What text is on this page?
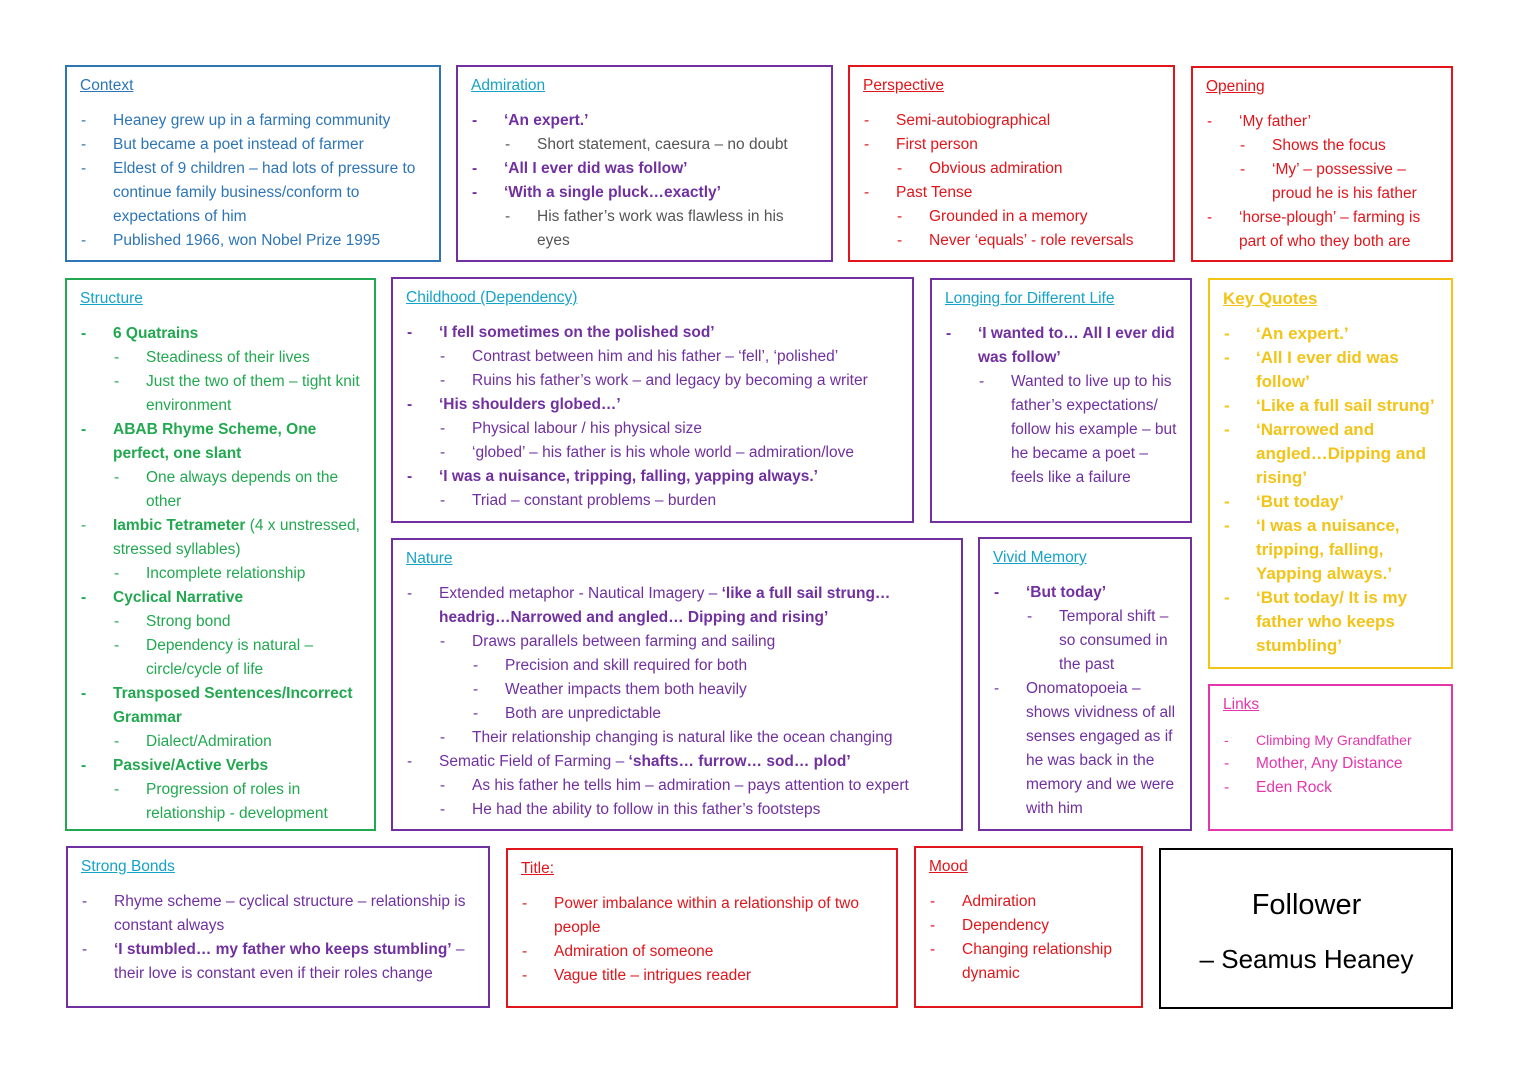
Context
- Heaney grew up in a farming community
- But became a poet instead of farmer
- Eldest of 9 children – had lots of pressure to continue family business/conform to expectations of him
- Published 1966, won Nobel Prize 1995
Admiration
- ‘An expert.’
- Short statement, caesura – no doubt
- ‘All I ever did was follow’
- ‘With a single pluck…exactly’
- His father’s work was flawless in his eyes
Perspective
- Semi-autobiographical
- First person
- Obvious admiration
- Past Tense
- Grounded in a memory
- Never ‘equals’ - role reversals
Opening
- ‘My father’
- Shows the focus
- ‘My’ – possessive – proud he is his father
- ‘horse-plough’ – farming is part of who they both are
Structure
- 6 Quatrains
- Steadiness of their lives
- Just the two of them – tight knit environment
- ABAB Rhyme Scheme, One perfect, one slant
- One always depends on the other
- Iambic Tetrameter (4 x unstressed, stressed syllables)
- Incomplete relationship
- Cyclical Narrative
- Strong bond
- Dependency is natural – circle/cycle of life
- Transposed Sentences/Incorrect Grammar
- Dialect/Admiration
- Passive/Active Verbs
- Progression of roles in relationship - development
Childhood (Dependency)
- ‘I fell sometimes on the polished sod’
- Contrast between him and his father – ‘fell’, ‘polished’
- Ruins his father’s work – and legacy by becoming a writer
- ‘His shoulders globed…’
- Physical labour / his physical size
- ‘globed’ – his father is his whole world – admiration/love
- ‘I was a nuisance, tripping, falling, yapping always.’
- Triad – constant problems – burden
Longing for Different Life
- ‘I wanted to… All I ever did was follow’
- Wanted to live up to his father’s expectations/ follow his example – but he became a poet – feels like a failure
Key Quotes
- ‘An expert.’
- ‘All I ever did was follow’
- ‘Like a full sail strung’
- ‘Narrowed and angled…Dipping and rising’
- ‘But today’
- ‘I was a nuisance, tripping, falling, Yapping always.’
- ‘But today/ It is my father who keeps stumbling’
Nature
- Extended metaphor - Nautical Imagery – ‘like a full sail strung… headrig…Narrowed and angled… Dipping and rising’
- Draws parallels between farming and sailing
- Precision and skill required for both
- Weather impacts them both heavily
- Both are unpredictable
- Their relationship changing is natural like the ocean changing
- Sematic Field of Farming – ‘shafts… furrow… sod… plod’
- As his father he tells him – admiration – pays attention to expert
- He had the ability to follow in this father’s footsteps
Vivid Memory
- ‘But today’
- Temporal shift – so consumed in the past
- Onomatopoeia – shows vividness of all senses engaged as if he was back in the memory and we were with him
Links
- Climbing My Grandfather
- Mother, Any Distance
- Eden Rock
Strong Bonds
- Rhyme scheme – cyclical structure – relationship is constant always
- ‘I stumbled… my father who keeps stumbling’ – their love is constant even if their roles change
Title:
- Power imbalance within a relationship of two people
- Admiration of someone
- Vague title – intrigues reader
Mood
- Admiration
- Dependency
- Changing relationship dynamic
Follower
– Seamus Heaney
